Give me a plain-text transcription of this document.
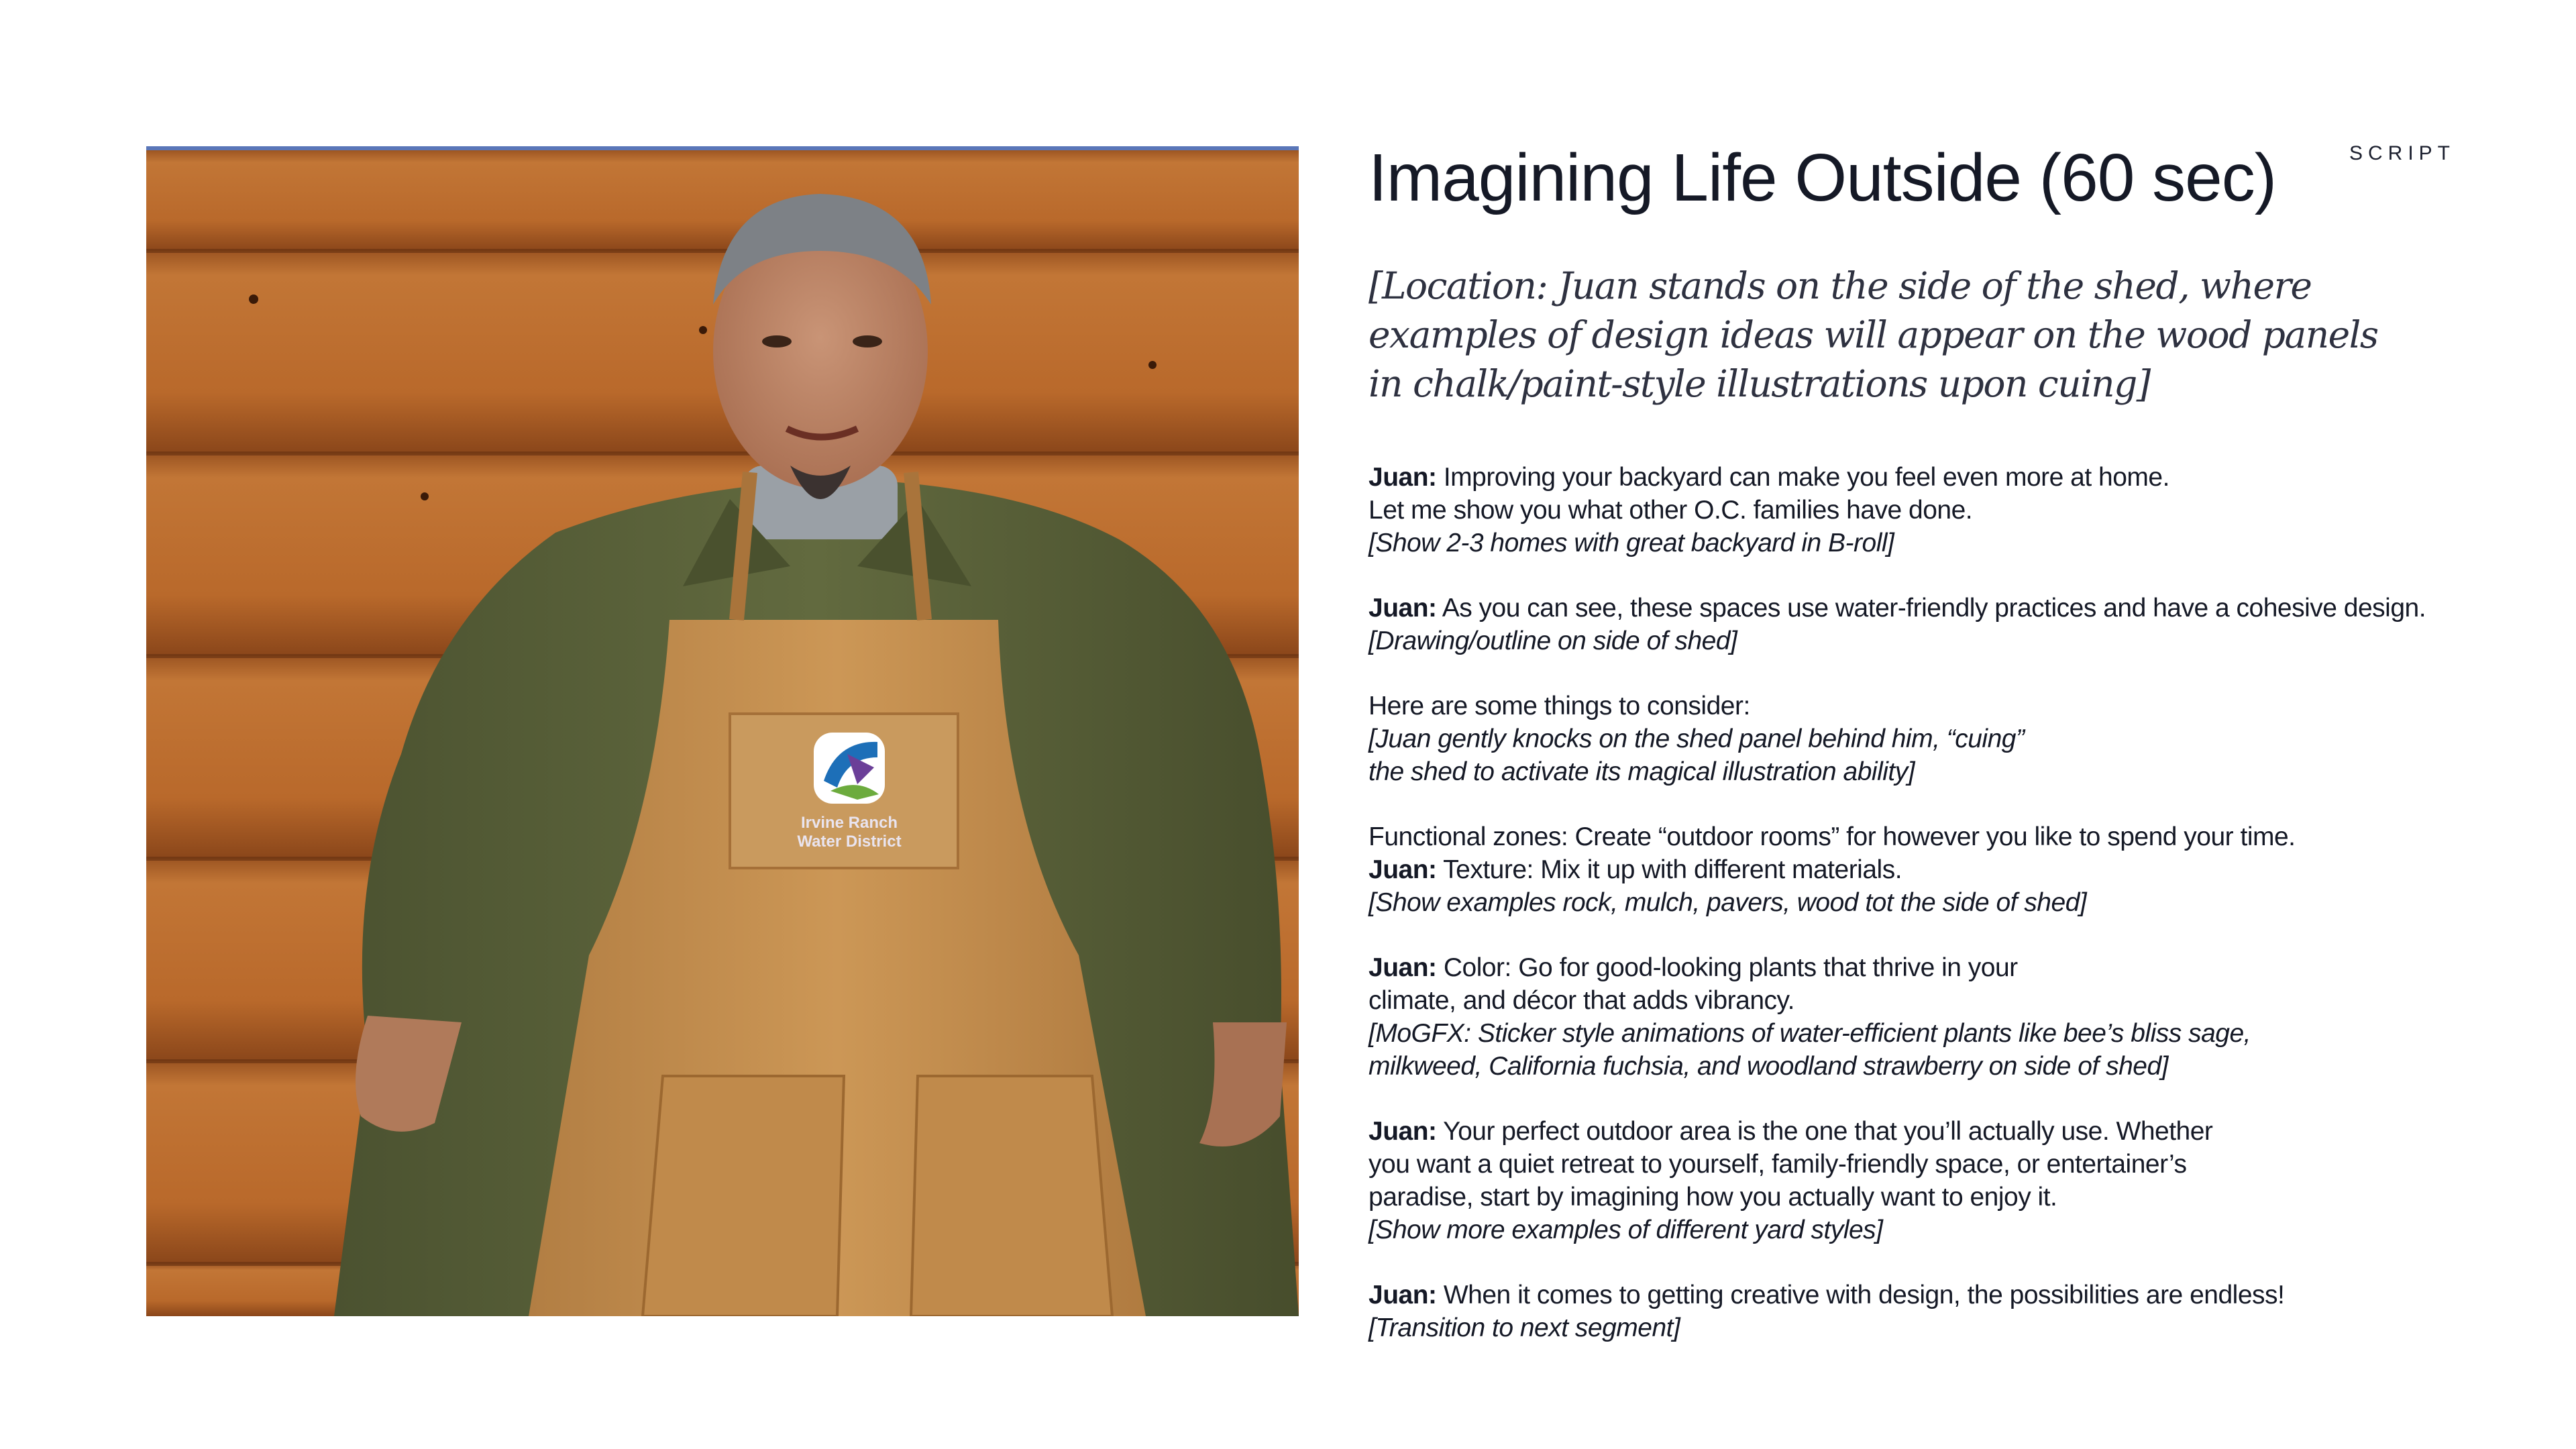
Irvine Ranch
Water District
SCRIPT
Imagining Life Outside (60 sec)
[Location: Juan stands on the side of the shed, where
examples of design ideas will appear on the wood panels
in chalk/paint-style illustrations upon cuing]
Juan: Improving your backyard can make you feel even more at home.
Let me show you what other O.C. families have done.
[Show 2-3 homes with great backyard in B-roll]
Juan: As you can see, these spaces use water-friendly practices and have a cohesive design.
[Drawing/outline on side of shed]
Here are some things to consider:
[Juan gently knocks on the shed panel behind him, “cuing”
the shed to activate its magical illustration ability]
Functional zones: Create “outdoor rooms” for however you like to spend your time.
Juan: Texture: Mix it up with different materials.
[Show examples rock, mulch, pavers, wood tot the side of shed]
Juan: Color: Go for good-looking plants that thrive in your
climate, and décor that adds vibrancy.
[MoGFX: Sticker style animations of water-efficient plants like bee’s bliss sage,
milkweed, California fuchsia, and woodland strawberry on side of shed]
Juan: Your perfect outdoor area is the one that you’ll actually use. Whether
you want a quiet retreat to yourself, family-friendly space, or entertainer’s
paradise, start by imagining how you actually want to enjoy it.
[Show more examples of different yard styles]
Juan: When it comes to getting creative with design, the possibilities are endless!
[Transition to next segment]
